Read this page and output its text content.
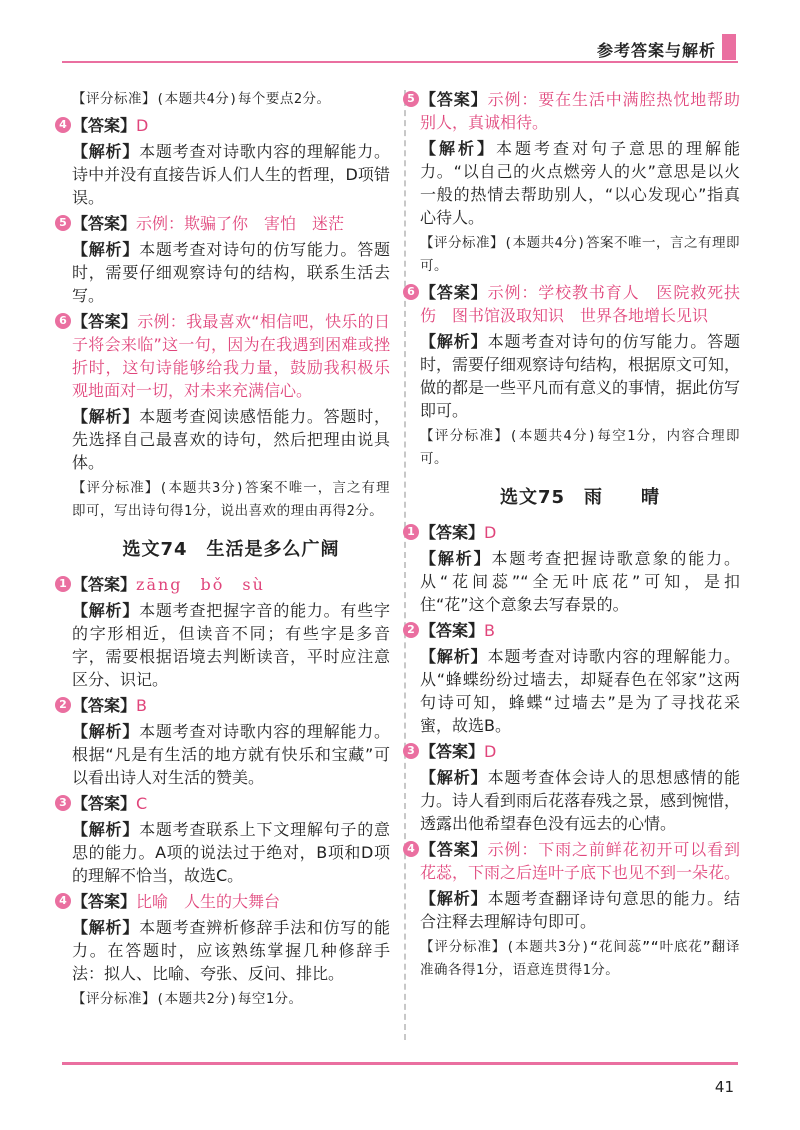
参考答案与解析

【评分标准】(本题共4分)每个要点2分。

4 【答案】D

【解析】本题考查对诗歌内容的理解能力。诗中并没有直接告诉人们人生的哲理，D项错误。

5 【答案】示例：欺骗了你　害怕　迷茫

【解析】本题考查对诗句的仿写能力。答题时，需要仔细观察诗句的结构，联系生活去写。

6 【答案】示例：我最喜欢“相信吧，快乐的日子将会来临”这一句，因为在我遇到困难或挫折时，这句诗能够给我力量，鼓励我积极乐观地面对一切，对未来充满信心。

【解析】本题考查阅读感悟能力。答题时，先选择自己最喜欢的诗句，然后把理由说具体。

【评分标准】(本题共3分)答案不唯一，言之有理即可，写出诗句得1分，说出喜欢的理由再得2分。

选文74　生活是多么广阔
1 【答案】zāng　bǒ　sù

【解析】本题考查把握字音的能力。有些字的字形相近，但读音不同；有些字是多音字，需要根据语境去判断读音，平时应注意区分、识记。

2 【答案】B

【解析】本题考查对诗歌内容的理解能力。根据“凡是有生活的地方就有快乐和宝藏”可以看出诗人对生活的赞美。

3 【答案】C

【解析】本题考查联系上下文理解句子的意思的能力。A项的说法过于绝对，B项和D项的理解不恰当，故选C。

4 【答案】比喻　人生的大舞台

【解析】本题考查辨析修辞手法和仿写的能力。在答题时，应该熟练掌握几种修辞手法：拟人、比喻、夸张、反问、排比。

【评分标准】(本题共2分)每空1分。

5 【答案】示例：要在生活中满腔热忱地帮助别人，真诚相待。

【解析】本题考查对句子意思的理解能力。“以自己的火点燃旁人的火”意思是以火一般的热情去帮助别人，“以心发现心”指真心待人。

【评分标准】(本题共4分)答案不唯一，言之有理即可。

6 【答案】示例：学校教书育人　医院救死扶伤　图书馆汲取知识　世界各地增长见识

【解析】本题考查对诗句的仿写能力。答题时，需要仔细观察诗句结构，根据原文可知，做的都是一些平凡而有意义的事情，据此仿写即可。

【评分标准】(本题共4分)每空1分，内容合理即可。

选文75　雨　　晴
1 【答案】D

【解析】本题考查把握诗歌意象的能力。从“花间蕊”“全无叶底花”可知，是扣住“花”这个意象去写春景的。

2 【答案】B

【解析】本题考查对诗歌内容的理解能力。从“蜂蝶纷纷过墙去，却疑春色在邻家”这两句诗可知，蜂蝶“过墙去”是为了寻找花采蜜，故选B。

3 【答案】D

【解析】本题考查体会诗人的思想感情的能力。诗人看到雨后花落春残之景，感到惋惜，透露出他希望春色没有远去的心情。

4 【答案】示例：下雨之前鲜花初开可以看到花蕊，下雨之后连叶子底下也见不到一朵花。

【解析】本题考查翻译诗句意思的能力。结合注释去理解诗句即可。

【评分标准】(本题共3分)“花间蕊”“叶底花”翻译准确各得1分，语意连贯得1分。

41
